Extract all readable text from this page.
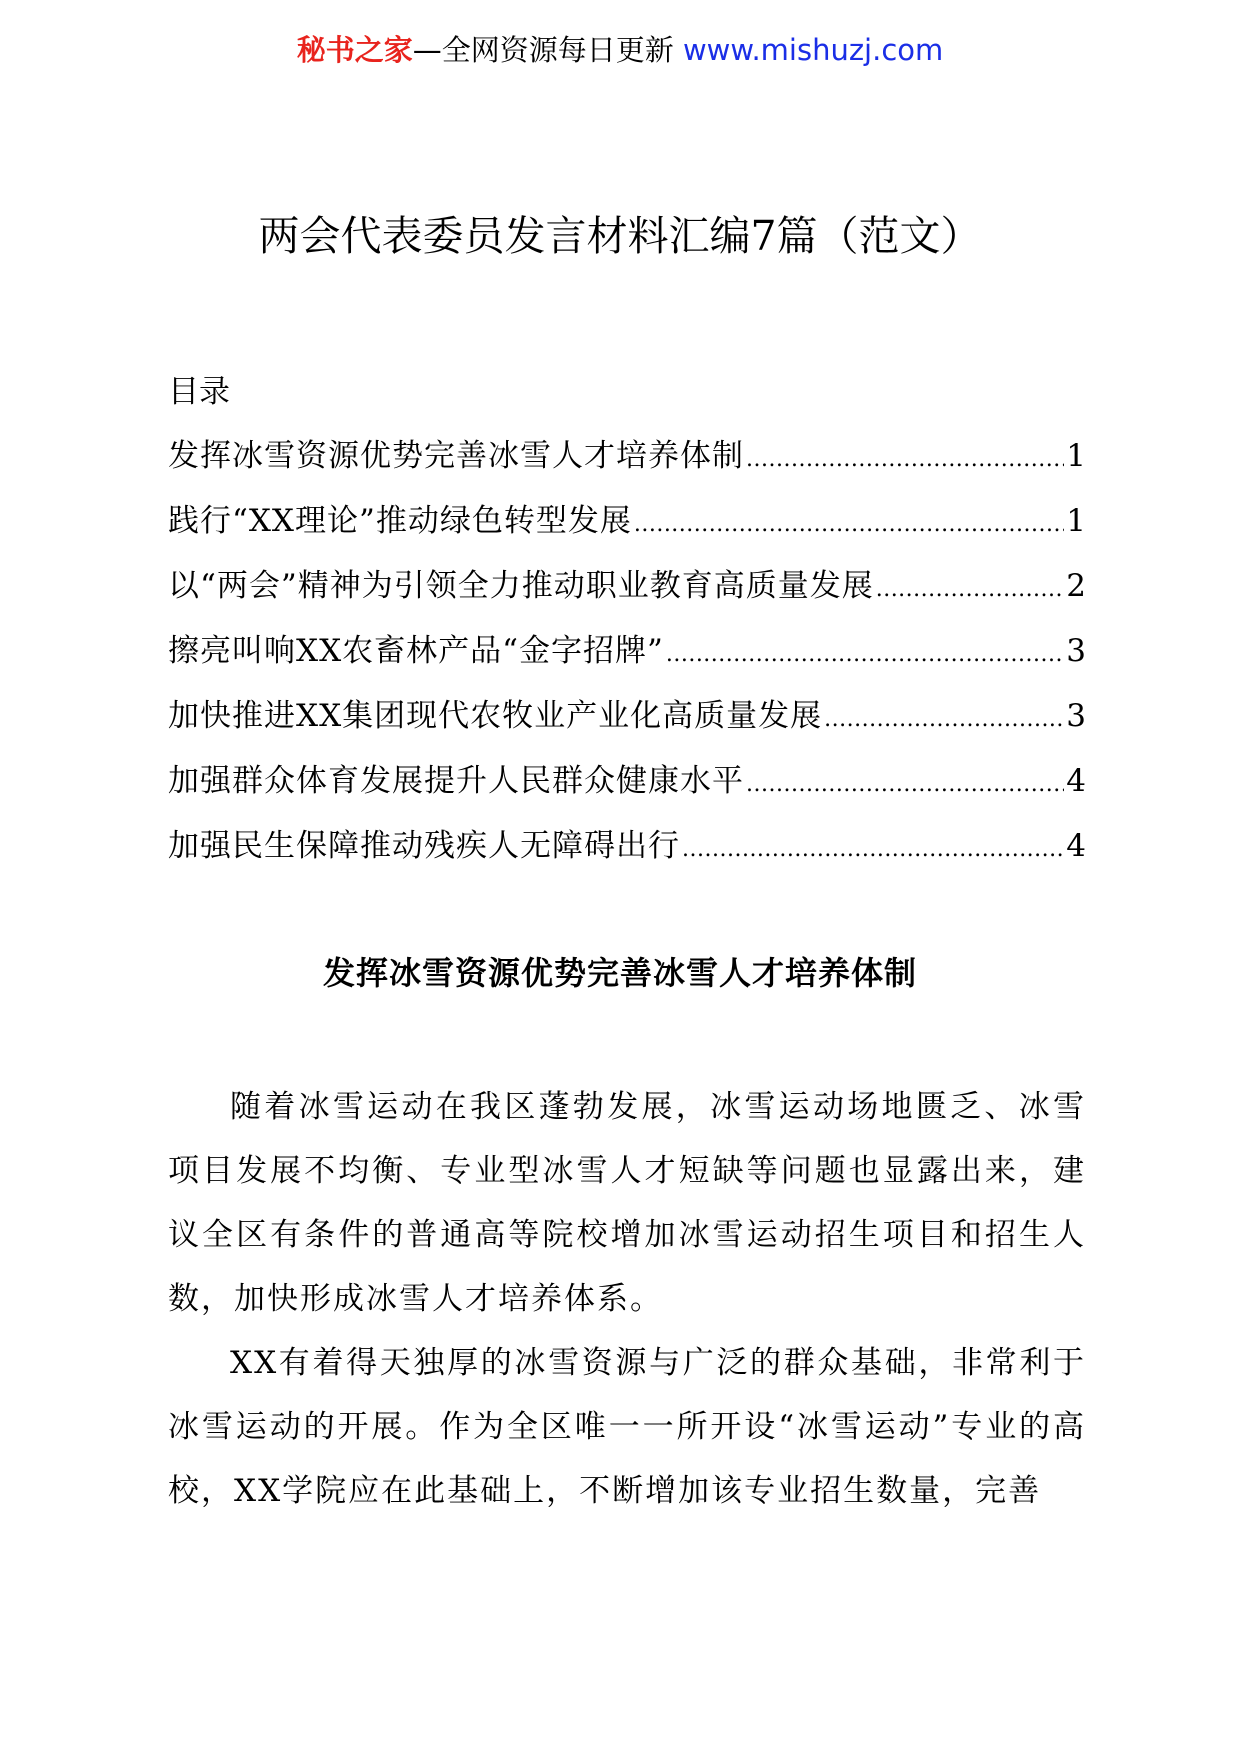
秘书之家—全网资源每日更新 www.mishuzj.com
两会代表委员发言材料汇编7篇（范文）
目录
发挥冰雪资源优势完善冰雪人才培养体制 .....	1
践行“XX理论”推动绿色转型发展 .....	1
以“两会”精神为引领全力推动职业教育高质量发展 .....	2
擦亮叫响XX农畜林产品“金字招牌” .....	3
加快推进XX集团现代农牧业产业化高质量发展 .....	3
加强群众体育发展提升人民群众健康水平 .....	4
加强民生保障推动残疾人无障碍出行 .....	4
发挥冰雪资源优势完善冰雪人才培养体制

随着冰雪运动在我区蓬勃发展，冰雪运动场地匮乏、冰雪项目发展不均衡、专业型冰雪人才短缺等问题也显露出来，建议全区有条件的普通高等院校增加冰雪运动招生项目和招生人数，加快形成冰雪人才培养体系。

XX有着得天独厚的冰雪资源与广泛的群众基础，非常利于冰雪运动的开展。作为全区唯一一所开设“冰雪运动”专业的高校，XX学院应在此基础上，不断增加该专业招生数量，完善
